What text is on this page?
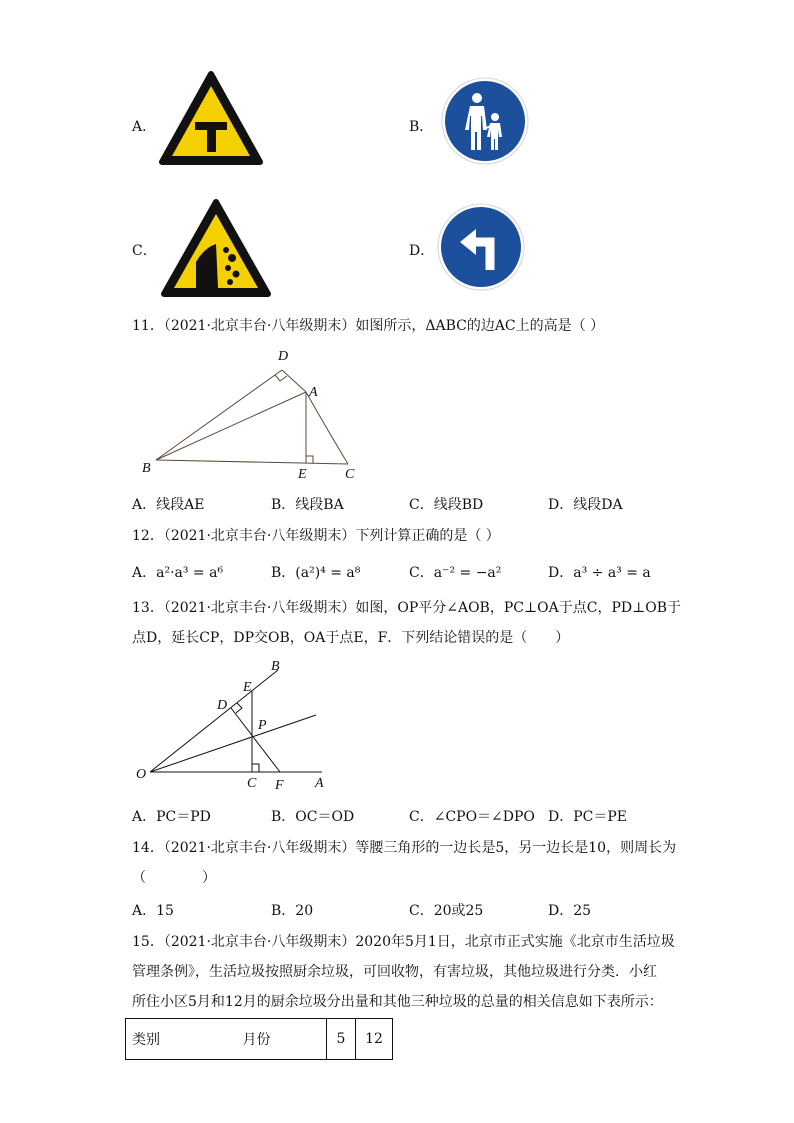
A．	B．
C．	D．
11．（2021·北京丰台·八年级期末）如图所示，ΔABC的边AC上的高是（ ）
D
A
B	E	C
A．线段AE	B．线段BA	C．线段BD	D．线段DA
12．（2021·北京丰台·八年级期末）下列计算正确的是（ ）
A．a²·a³ = a⁶	B．(a²)⁴ = a⁸	C．a⁻² = −a²	D．a³ ÷ a³ = a
13．（2021·北京丰台·八年级期末）如图，OP平分∠AOB，PC⊥OA于点C，PD⊥OB于
点D，延长CP，DP交OB，OA于点E，F．下列结论错误的是（　　）
B
E
D
P
O
C F A
A．PC＝PD	B．OC＝OD	C．∠CPO＝∠DPO D．PC＝PE
14．（2021·北京丰台·八年级期末）等腰三角形的一边长是5，另一边长是10，则周长为
（　　　　）
A．15	B．20	C．20或25	D．25
15．（2021·北京丰台·八年级期末）2020年5月1日，北京市正式实施《北京市生活垃圾
管理条例》，生活垃圾按照厨余垃圾，可回收物，有害垃圾，其他垃圾进行分类．小红
所住小区5月和12月的厨余垃圾分出量和其他三种垃圾的总量的相关信息如下表所示：
类别	月份	5	12
